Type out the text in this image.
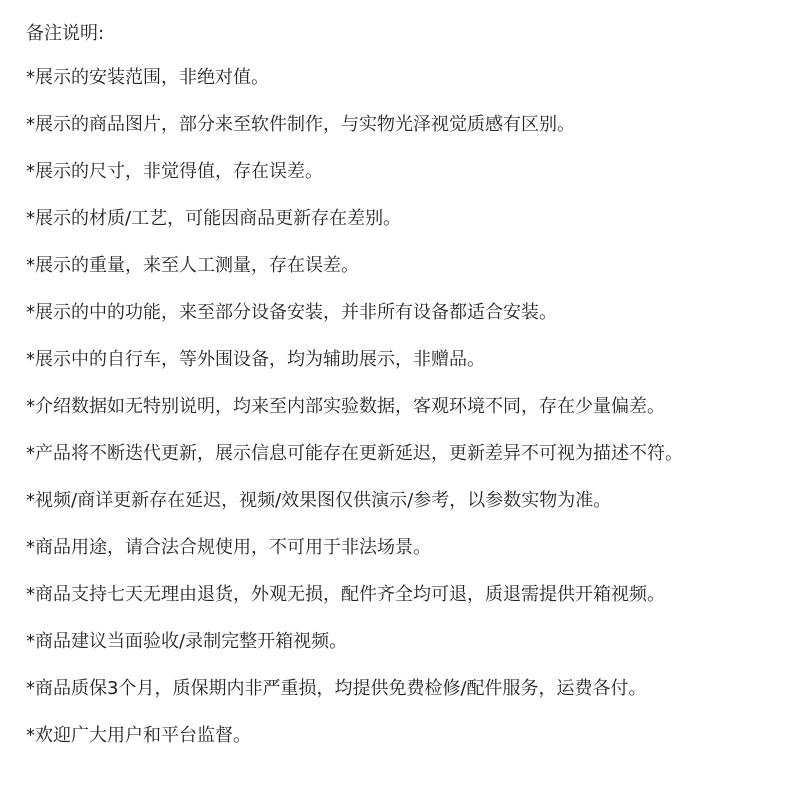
备注说明:
*展示的安装范围，非绝对值。
*展示的商品图片，部分来至软件制作，与实物光泽视觉质感有区别。
*展示的尺寸，非觉得值，存在误差。
*展示的材质/工艺，可能因商品更新存在差别。
*展示的重量，来至人工测量，存在误差。
*展示的中的功能，来至部分设备安装，并非所有设备都适合安装。
*展示中的自行车，等外围设备，均为辅助展示，非赠品。
*介绍数据如无特别说明，均来至内部实验数据，客观环境不同，存在少量偏差。
*产品将不断迭代更新，展示信息可能存在更新延迟，更新差异不可视为描述不符。
*视频/商详更新存在延迟，视频/效果图仅供演示/参考，以参数实物为准。
*商品用途，请合法合规使用，不可用于非法场景。
*商品支持七天无理由退货，外观无损，配件齐全均可退，质退需提供开箱视频。
*商品建议当面验收/录制完整开箱视频。
*商品质保3个月，质保期内非严重损，均提供免费检修/配件服务，运费各付。
*欢迎广大用户和平台监督。
